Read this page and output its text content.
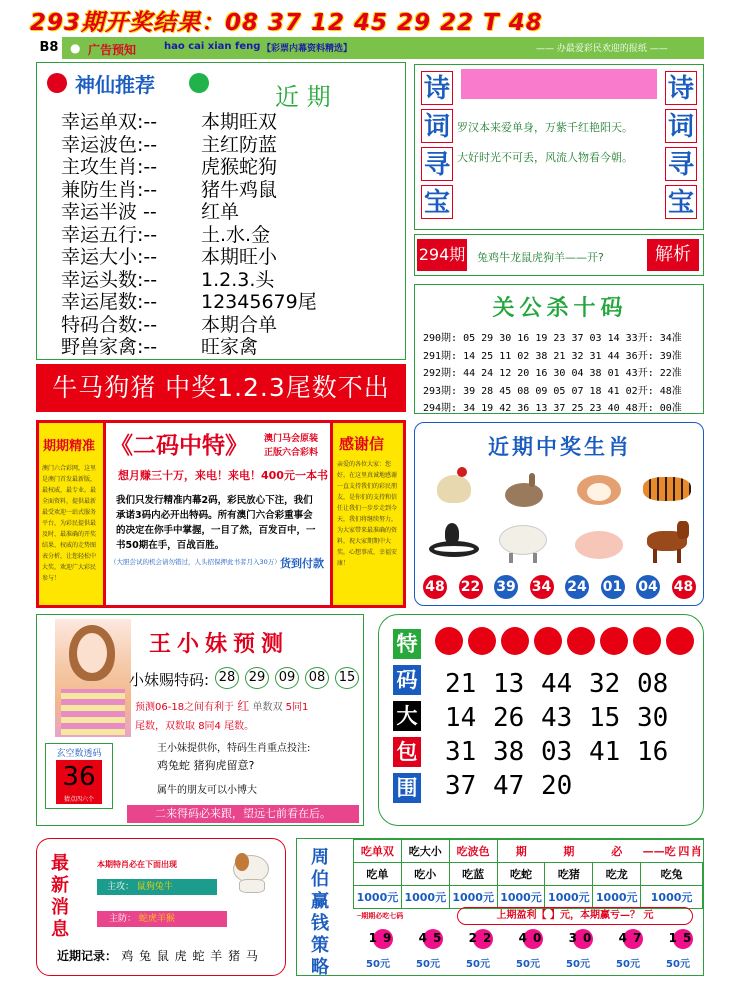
293期开奖结果：08 37 12 45 29 22 T 48
● 广告预知	hao cai xian feng 【彩票内幕资料精选】	—— 办最爱彩民欢迎的报纸 ——
B8
神仙推荐	近 期
幸运单双:-- 本期旺双
幸运波色:-- 主红防蓝
主攻生肖:-- 虎猴蛇狗
兼防生肖:-- 猪牛鸡鼠
幸运半波 -- 红单
幸运五行:-- 土.水.金
幸运大小:-- 本期旺小
幸运头数:-- 1.2.3.头
幸运尾数:-- 12345679尾
特码合数:-- 本期合单
野兽家禽:-- 旺家禽
牛马狗猪 中奖1.2.3尾数不出
诗
词
寻
宝
诗
词
寻
宝
罗汉本来爱单身，万紫千红艳阳天。
大好时光不可丢，风流人物看今朝。
294期 兔鸡牛龙鼠虎狗羊——开?	解析
关公杀十码
290期: 05 29 30 16 19 23 37 03 14 33开: 34准
291期: 14 25 11 02 38 21 32 31 44 36开: 39准
292期: 44 24 12 20 16 30 04 38 01 43开: 22准
293期: 39 28 45 08 09 05 07 18 41 02开: 48准
294期: 34 19 42 36 13 37 25 23 40 48开: 00准
期期精准
澳门六合彩网，这里是澳门首发最新版，最权威，最专业。最全面资料，提供最新最受欢迎一站式服务平台，为彩民提供最及时、最准确的开奖结果、权威的走势图表分析，让您轻松中大奖，欢迎广大彩民参与！
《二码中特》 澳门马会原装
正版六合彩料
想月赚三十万，来电！来电！400元一本书
我们只发行精准内幕2码，彩民放心下注，我们承诺3码内必开出特码。所有澳门六合彩重事会的决定在你手中掌握，一目了然，百发百中，一书50期在手，百战百胜。
（大胆尝试的机会请勿错过，人头招保押此书者月入30万） 货到付款
感谢信
亲爱的各位大家：您好。在这里真诚地感谢一直支持我们的彩民朋友，是你们的支持和信任让我们一步步走到今天，我们将继续努力，为大家带来最准确的资料，祝大家期期中大奖，心想事成，幸福安康！
近期中奖生肖
48 22 39 34 24 01 04 48
王小妹预测
小妹赐特码: 28 29 09 08 15
预测06-18之间有利于 红 单数双 5同1
尾数，双数取 8同4 尾数。
玄空数透码
36
猜点四六个
王小妹提供你，特码生肖重点投注:
鸡兔蛇 猪狗虎留意?
属牛的朋友可以小博大
二来得码必来跟，望远七前看在后。
特
码
大
包
围
21 13 44 32 08
14 26 43 15 30
31 38 03 41 16
37 47 20
最
新
消
息
本期特肖必在下面出现
主攻： 鼠狗兔牛
主防： 蛇虎羊猴
近期记录： 鸡 兔 鼠 虎 蛇 羊 猪 马
周
伯
赢
钱
策
略
吃单双	吃大小	吃波色	期	期	必	——吃	四	肖
吃单	吃小	吃蓝	吃蛇	吃猪	吃龙	吃兔		
1000元	1000元	1000元	1000元	1000元	1000元	1000元		
─期期必吃七码	上期盈利【 】元，本期赢亏—？ 元
19 45 22 40 30 47 15
50元	50元	50元	50元	50元	50元	50元
